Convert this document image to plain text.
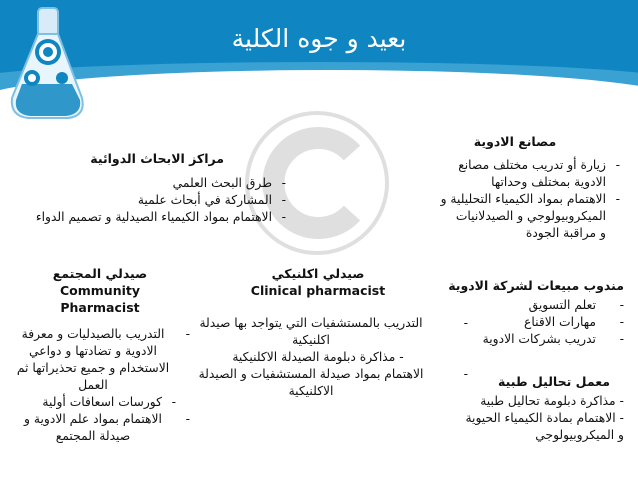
بعيد و جوه الكلية
مصانع الادوية
-
زيارة أو تدريب مختلف مصانع
الادوية بمختلف وحداتها
-
الاهتمام بمواد الكيمياء التحليلية و
الميكروبيولوجي و الصيدلانيات
و مراقبة الجودة
مراكز الابحاث الدوائية
-
طرق البحث العلمي
-
المشاركة في أبحاث علمية
-
الاهتمام بمواد الكيمياء الصيدلية و تصميم الدواء
مندوب مبيعات لشركة الادوية
-
تعلم التسويق
-
مهارات الاقناع
-
تدريب بشركات الادوية
معمل تحاليل طبية
- مذاكرة دبلومة تحاليل طبية
- الاهتمام بمادة الكيمياء الحيوية
و الميكروبيولوجي
صيدلي اكلنيكي
Clinical pharmacist
-
التدريب بالمستشفيات التي يتواجد بها صيدلة
اكلنيكية
- مذاكرة دبلومة الصيدلة الاكلنيكية
-
الاهتمام بمواد صيدلة المستشفيات و الصيدلة
الاكلنيكية
صيدلي المجتمع
Community
Pharmacist
-
التدريب بالصيدليات و معرفة
الادوية و تضادتها و دواعي
الاستخدام و جميع تحذيراتها ثم
العمل
-
كورسات اسعافات أولية
-
الاهتمام بمواد علم الادوية و
صيدلة المجتمع
